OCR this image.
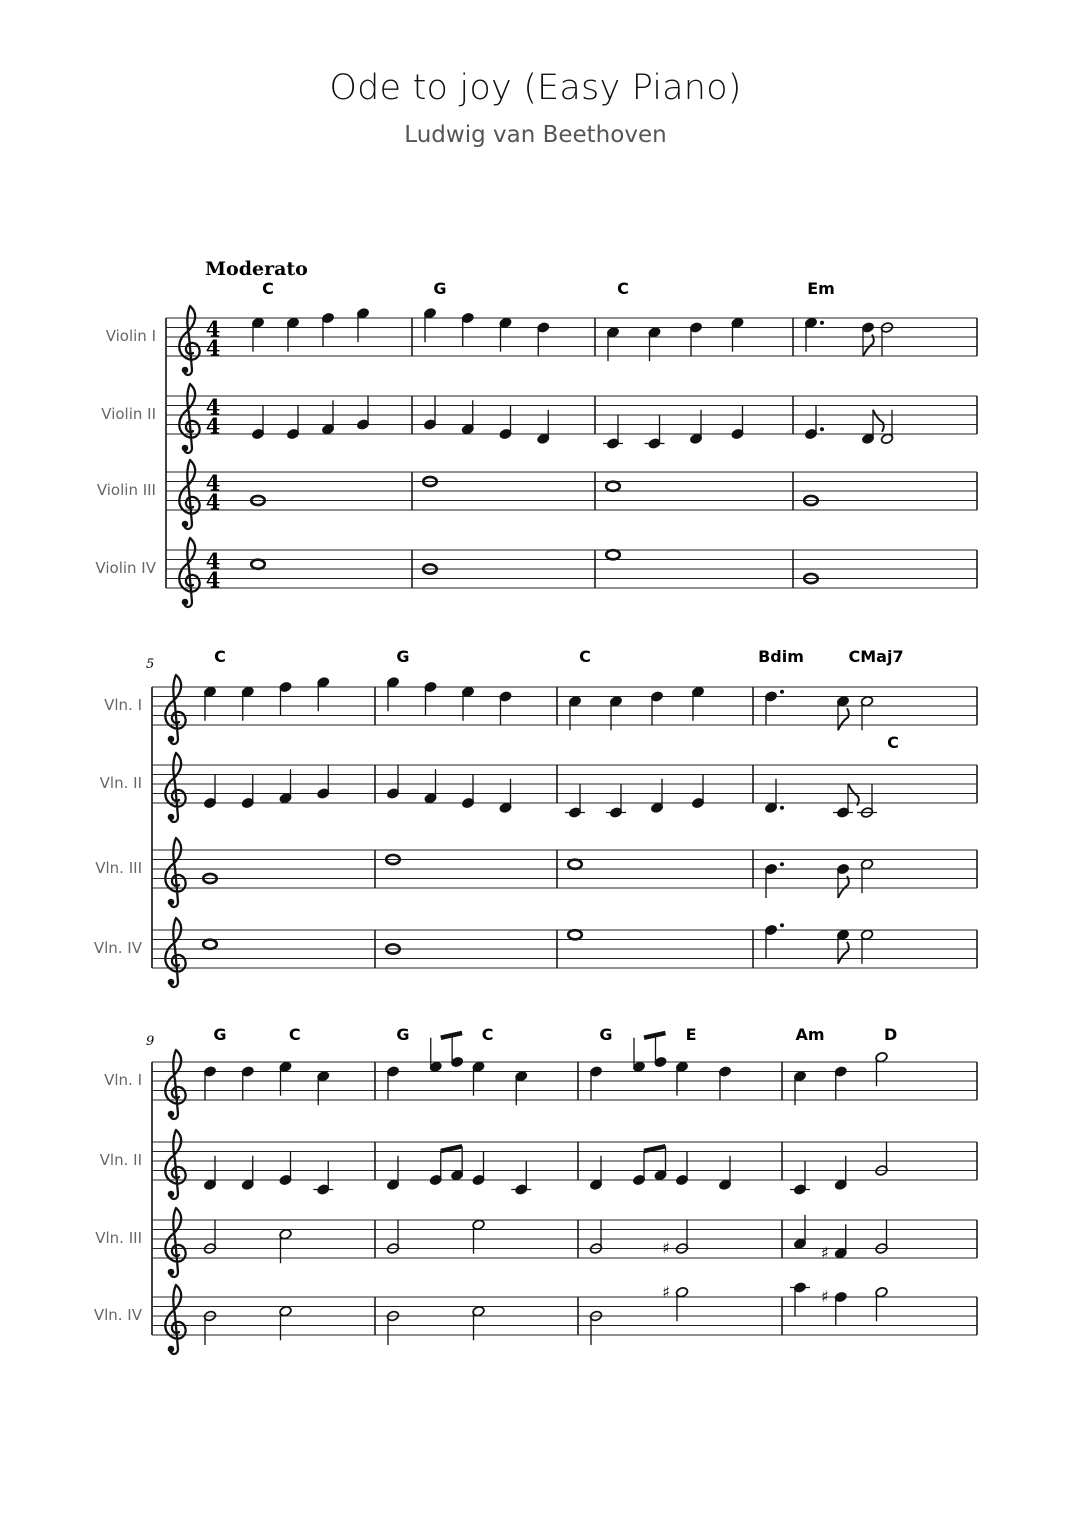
Ode to joy (Easy Piano)
Ludwig van Beethoven
Moderato
Violin I 4
4
Violin II 4
4
Violin III 4
4
Violin IV 4
4
C	G	C	Em
5
Vln. I
Vln. II
Vln. III
Vln. IV
C	G	C	Bdim	CMaj7
C
9
Vln. I
Vln. II
Vln. III
♯	♯
Vln. IV
♯	♯
G	C	G	C	G	E	Am	D
